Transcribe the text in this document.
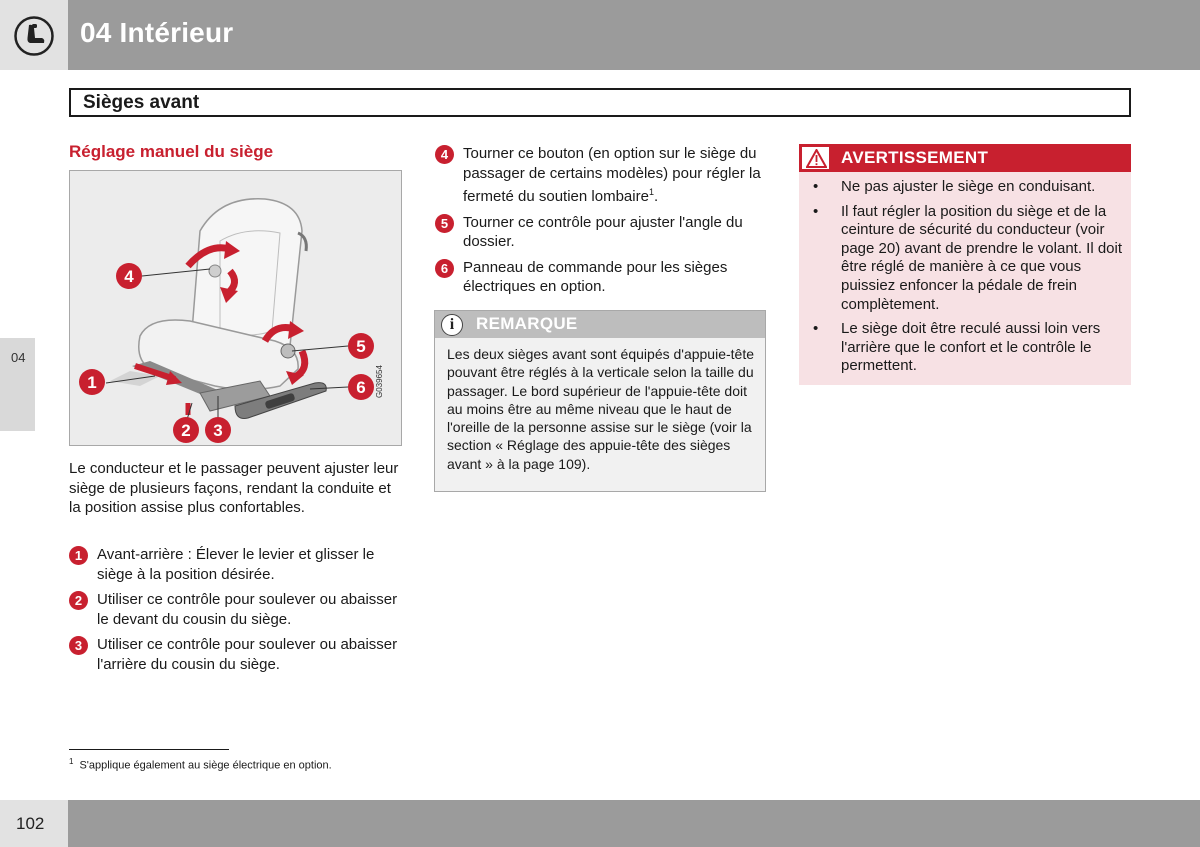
04 Intérieur
Sièges avant
04
Réglage manuel du siège
4
1
2 3
5
6 G039654
Le conducteur et le passager peuvent ajuster leur siège de plusieurs façons, rendant la conduite et la position assise plus confortables.
1 Avant-arrière : Élever le levier et glisser le siège à la position désirée.
2 Utiliser ce contrôle pour soulever ou abaisser le devant du cousin du siège.
3 Utiliser ce contrôle pour soulever ou abaisser l'arrière du cousin du siège.
4 Tourner ce bouton (en option sur le siège du passager de certains modèles) pour régler la fermeté du soutien lombaire$^1$.
5 Tourner ce contrôle pour ajuster l'angle du dossier.
6 Panneau de commande pour les sièges électriques en option.
i	REMARQUE
Les deux sièges avant sont équipés d'appuie-tête pouvant être réglés à la verticale selon la taille du passager. Le bord supérieur de l'appuie-tête doit au moins être au même niveau que le haut de l'oreille de la personne assise sur le siège (voir la section « Réglage des appuie-tête des sièges avant » à la page 109).
AVERTISSEMENT
• Ne pas ajuster le siège en conduisant.
• Il faut régler la position du siège et de la ceinture de sécurité du conducteur (voir page 20) avant de prendre le volant. Il doit être réglé de manière à ce que vous puissiez enfoncer la pédale de frein complètement.
• Le siège doit être reculé aussi loin vers l'arrière que le confort et le contrôle le permettent.
$^1$ S'applique également au siège électrique en option.
102
